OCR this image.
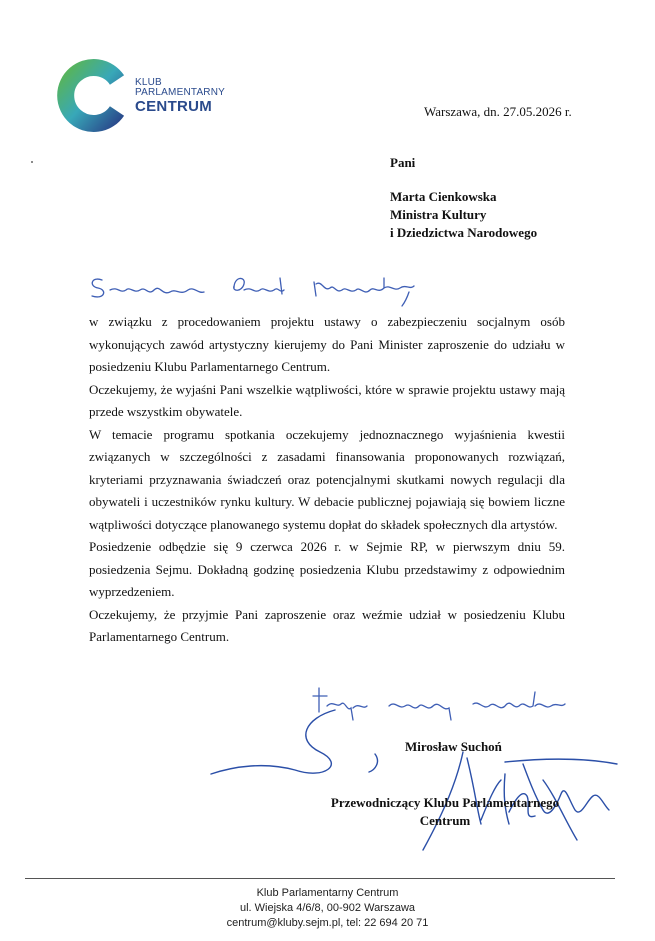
KLUB
PARLAMENTARNY
CENTRUM	Warszawa, dn. 27.05.2026 r.
Pani
Marta Cienkowska
Ministra Kultury
i Dziedzictwa Narodowego

w związku z procedowaniem projektu ustawy o zabezpieczeniu socjalnym osób wykonujących zawód artystyczny kierujemy do Pani Minister zaproszenie do udziału w posiedzeniu Klubu Parlamentarnego Centrum.

Oczekujemy, że wyjaśni Pani wszelkie wątpliwości, które w sprawie projektu ustawy mają przede wszystkim obywatele.

W temacie programu spotkania oczekujemy jednoznacznego wyjaśnienia kwestii związanych w szczególności z zasadami finansowania proponowanych rozwiązań, kryteriami przyznawania świadczeń oraz potencjalnymi skutkami nowych regulacji dla obywateli i uczestników rynku kultury. W debacie publicznej pojawiają się bowiem liczne wątpliwości dotyczące planowanego systemu dopłat do składek społecznych dla artystów.

Posiedzenie odbędzie się 9 czerwca 2026 r. w Sejmie RP, w pierwszym dniu 59. posiedzenia Sejmu. Dokładną godzinę posiedzenia Klubu przedstawimy z odpowiednim wyprzedzeniem.

Oczekujemy, że przyjmie Pani zaproszenie oraz weźmie udział w posiedzeniu Klubu Parlamentarnego Centrum.

Mirosław Suchoń
Przewodniczący Klubu Parlamentarnego
Centrum
Klub Parlamentarny Centrum
ul. Wiejska 4/6/8, 00-902 Warszawa
centrum@kluby.sejm.pl, tel: 22 694 20 71
